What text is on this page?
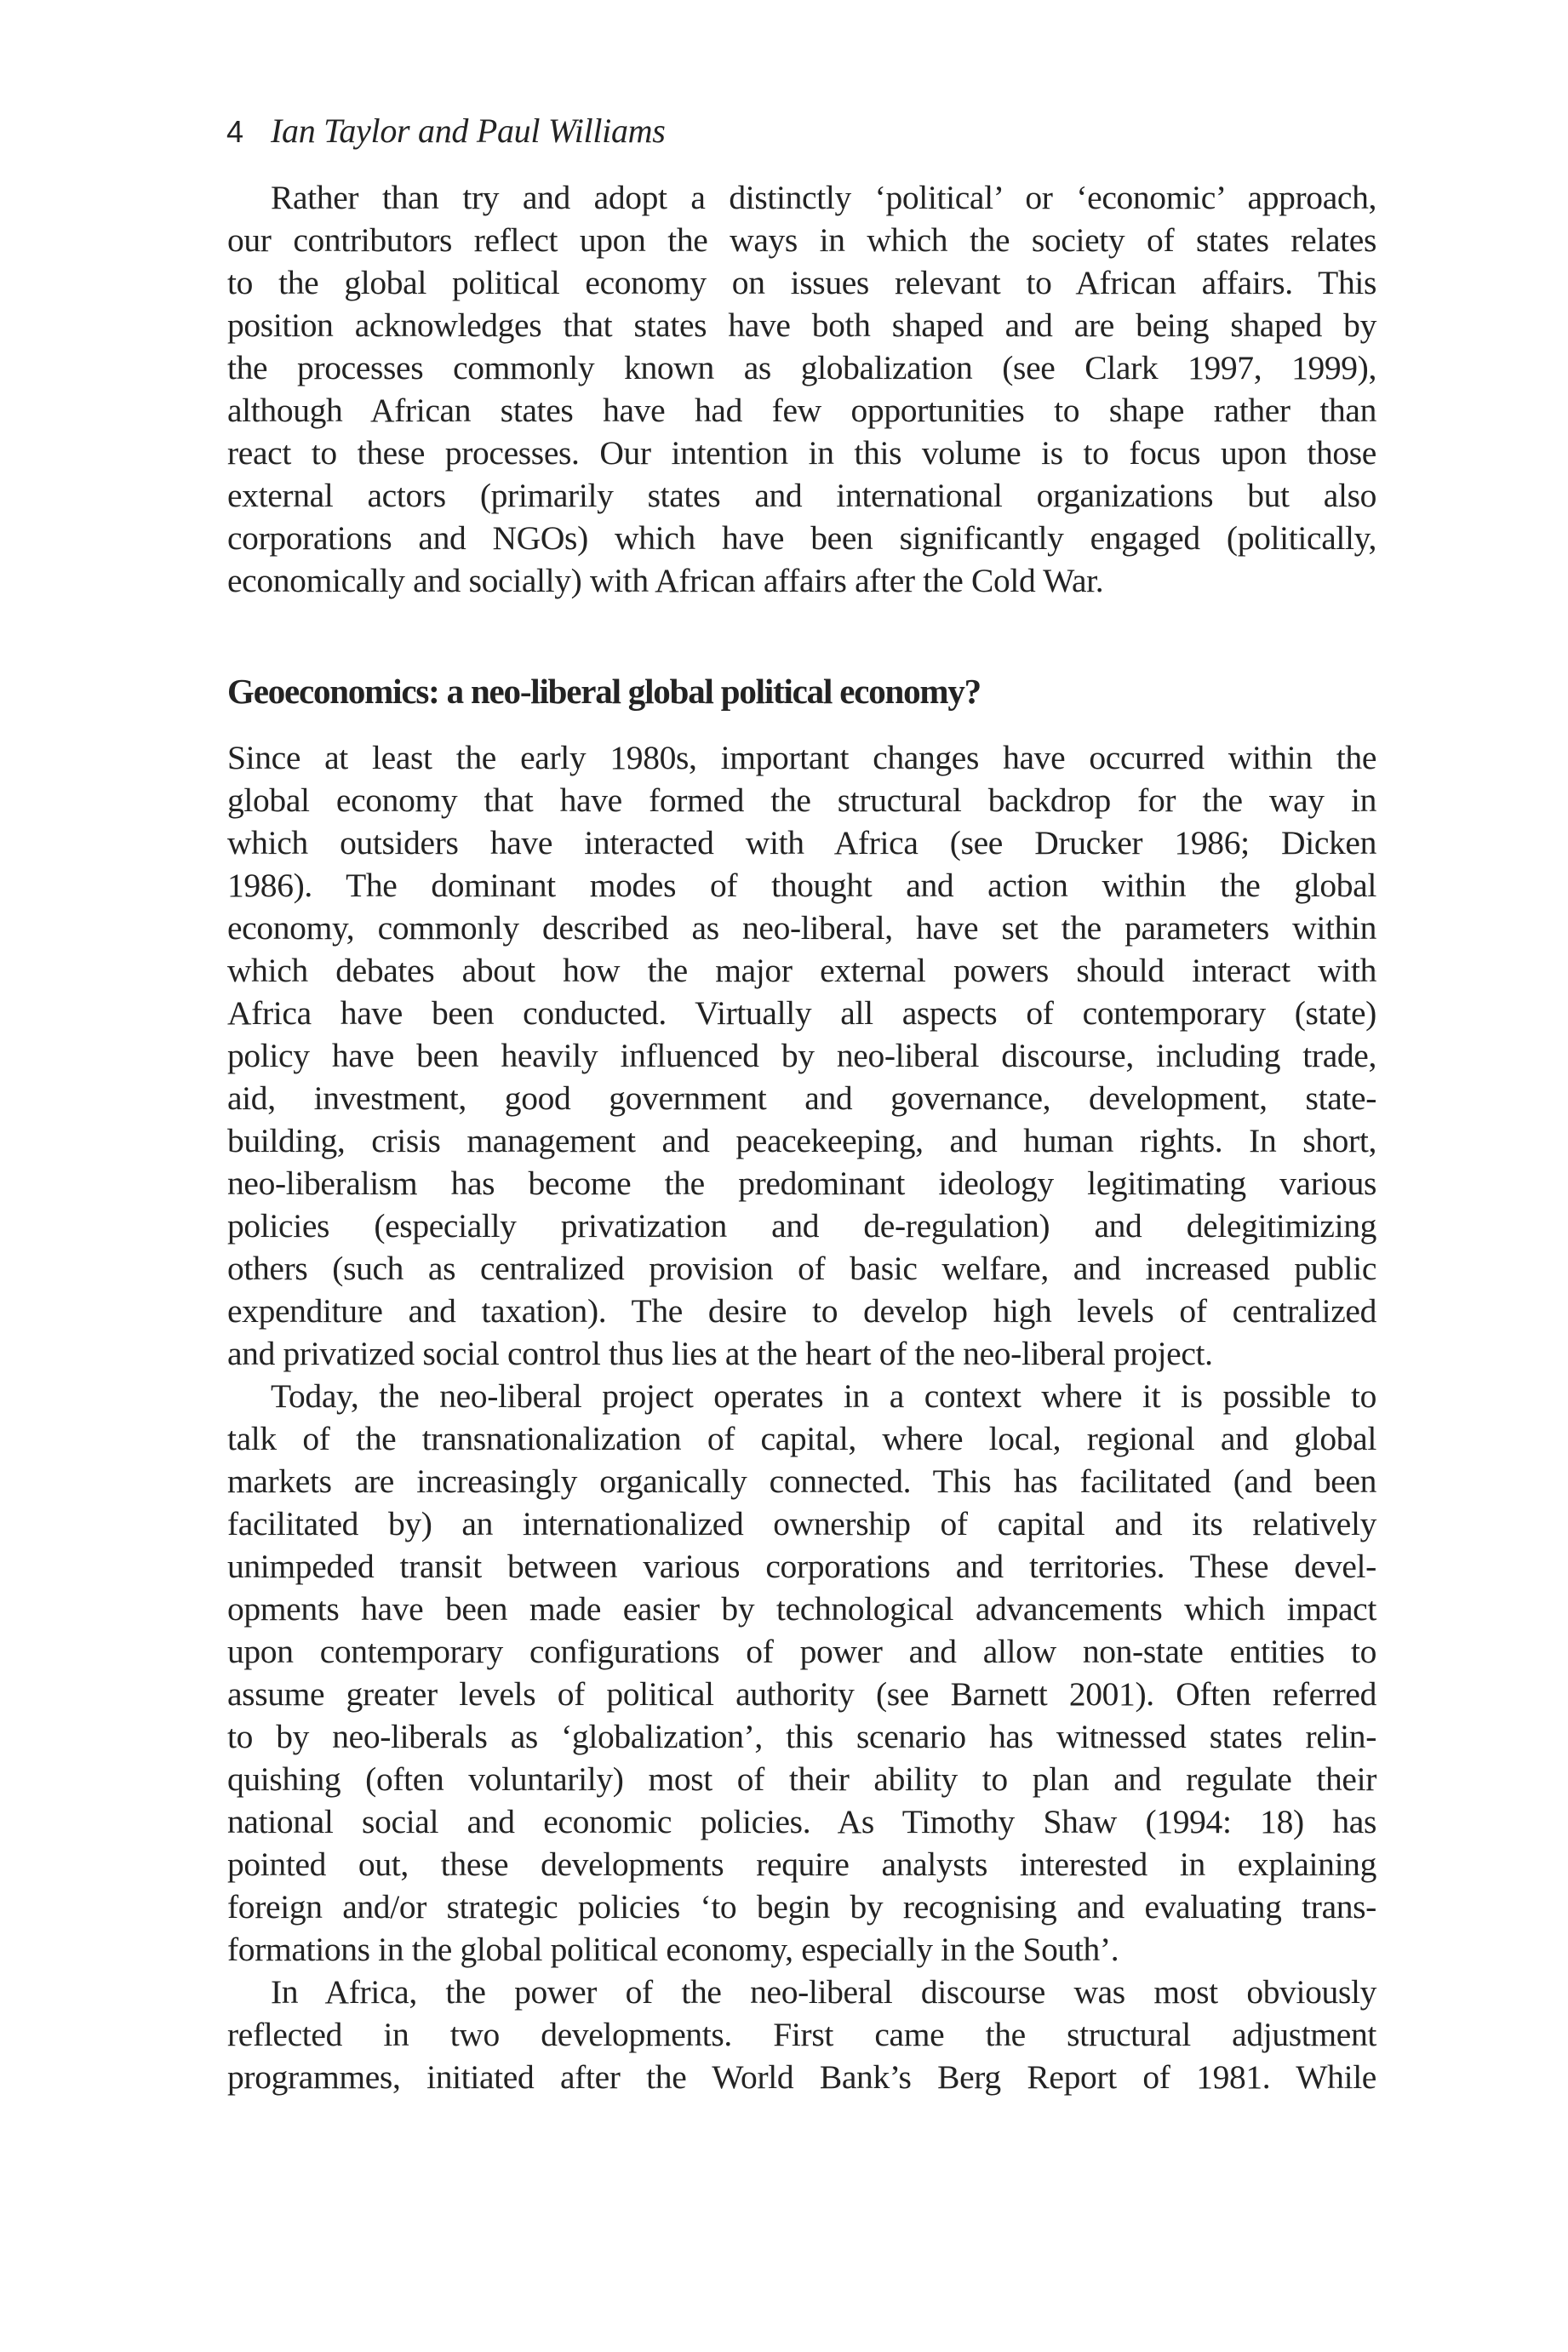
4 Ian Taylor and Paul Williams

Rather than try and adopt a distinctly ‘political’ or ‘economic’ approach,
our contributors reflect upon the ways in which the society of states relates
to the global political economy on issues relevant to African affairs. This
position acknowledges that states have both shaped and are being shaped by
the processes commonly known as globalization (see Clark 1997, 1999),
although African states have had few opportunities to shape rather than
react to these processes. Our intention in this volume is to focus upon those
external actors (primarily states and international organizations but also
corporations and NGOs) which have been significantly engaged (politically,
economically and socially) with African affairs after the Cold War.

Geoeconomics: a neo-liberal global political economy?

Since at least the early 1980s, important changes have occurred within the
global economy that have formed the structural backdrop for the way in
which outsiders have interacted with Africa (see Drucker 1986; Dicken
1986). The dominant modes of thought and action within the global
economy, commonly described as neo-liberal, have set the parameters within
which debates about how the major external powers should interact with
Africa have been conducted. Virtually all aspects of contemporary (state)
policy have been heavily influenced by neo-liberal discourse, including trade,
aid, investment, good government and governance, development, state-
building, crisis management and peacekeeping, and human rights. In short,
neo-liberalism has become the predominant ideology legitimating various
policies (especially privatization and de-regulation) and delegitimizing
others (such as centralized provision of basic welfare, and increased public
expenditure and taxation). The desire to develop high levels of centralized
and privatized social control thus lies at the heart of the neo-liberal project.

Today, the neo-liberal project operates in a context where it is possible to
talk of the transnationalization of capital, where local, regional and global
markets are increasingly organically connected. This has facilitated (and been
facilitated by) an internationalized ownership of capital and its relatively
unimpeded transit between various corporations and territories. These devel-
opments have been made easier by technological advancements which impact
upon contemporary configurations of power and allow non-state entities to
assume greater levels of political authority (see Barnett 2001). Often referred
to by neo-liberals as ‘globalization’, this scenario has witnessed states relin-
quishing (often voluntarily) most of their ability to plan and regulate their
national social and economic policies. As Timothy Shaw (1994: 18) has
pointed out, these developments require analysts interested in explaining
foreign and/or strategic policies ‘to begin by recognising and evaluating trans-
formations in the global political economy, especially in the South’.

In Africa, the power of the neo-liberal discourse was most obviously
reflected in two developments. First came the structural adjustment
programmes, initiated after the World Bank’s Berg Report of 1981. While
